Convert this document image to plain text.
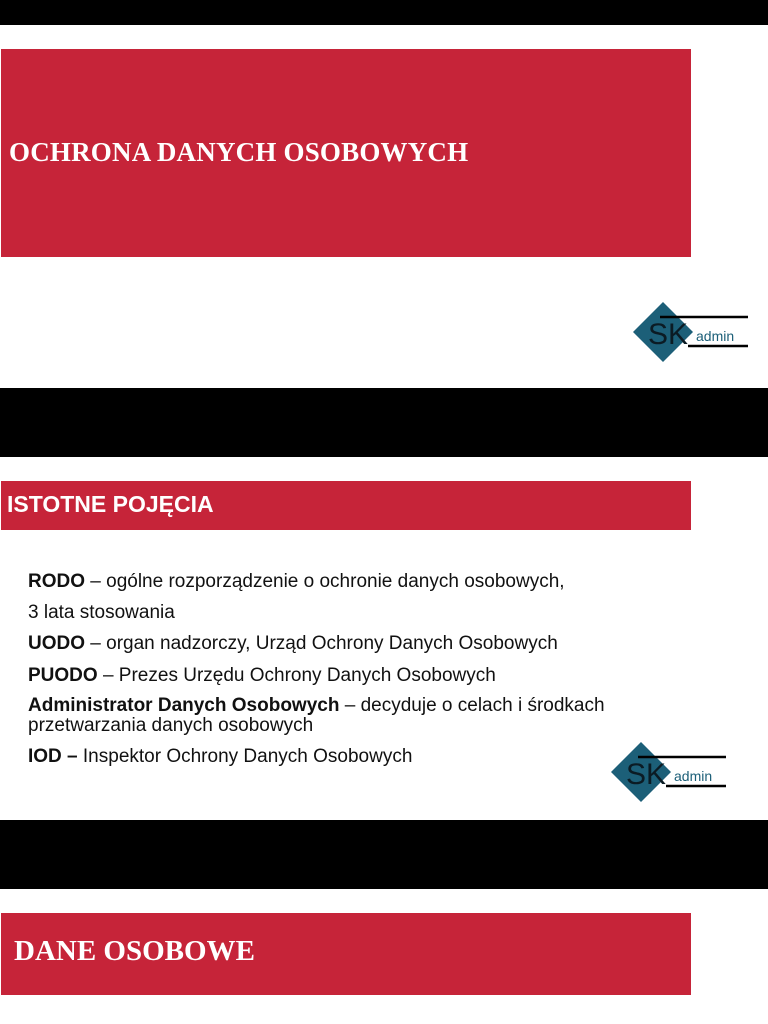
OCHRONA DANYCH OSOBOWYCH
SK admin
ISTOTNE POJĘCIA
RODO – ogólne rozporządzenie o ochronie danych osobowych,
3 lata stosowania
UODO – organ nadzorczy, Urząd Ochrony Danych Osobowych
PUODO – Prezes Urzędu Ochrony Danych Osobowych
Administrator Danych Osobowych – decyduje o celach i środkach przetwarzania danych osobowych
IOD – Inspektor Ochrony Danych Osobowych
SK admin
DANE OSOBOWE
